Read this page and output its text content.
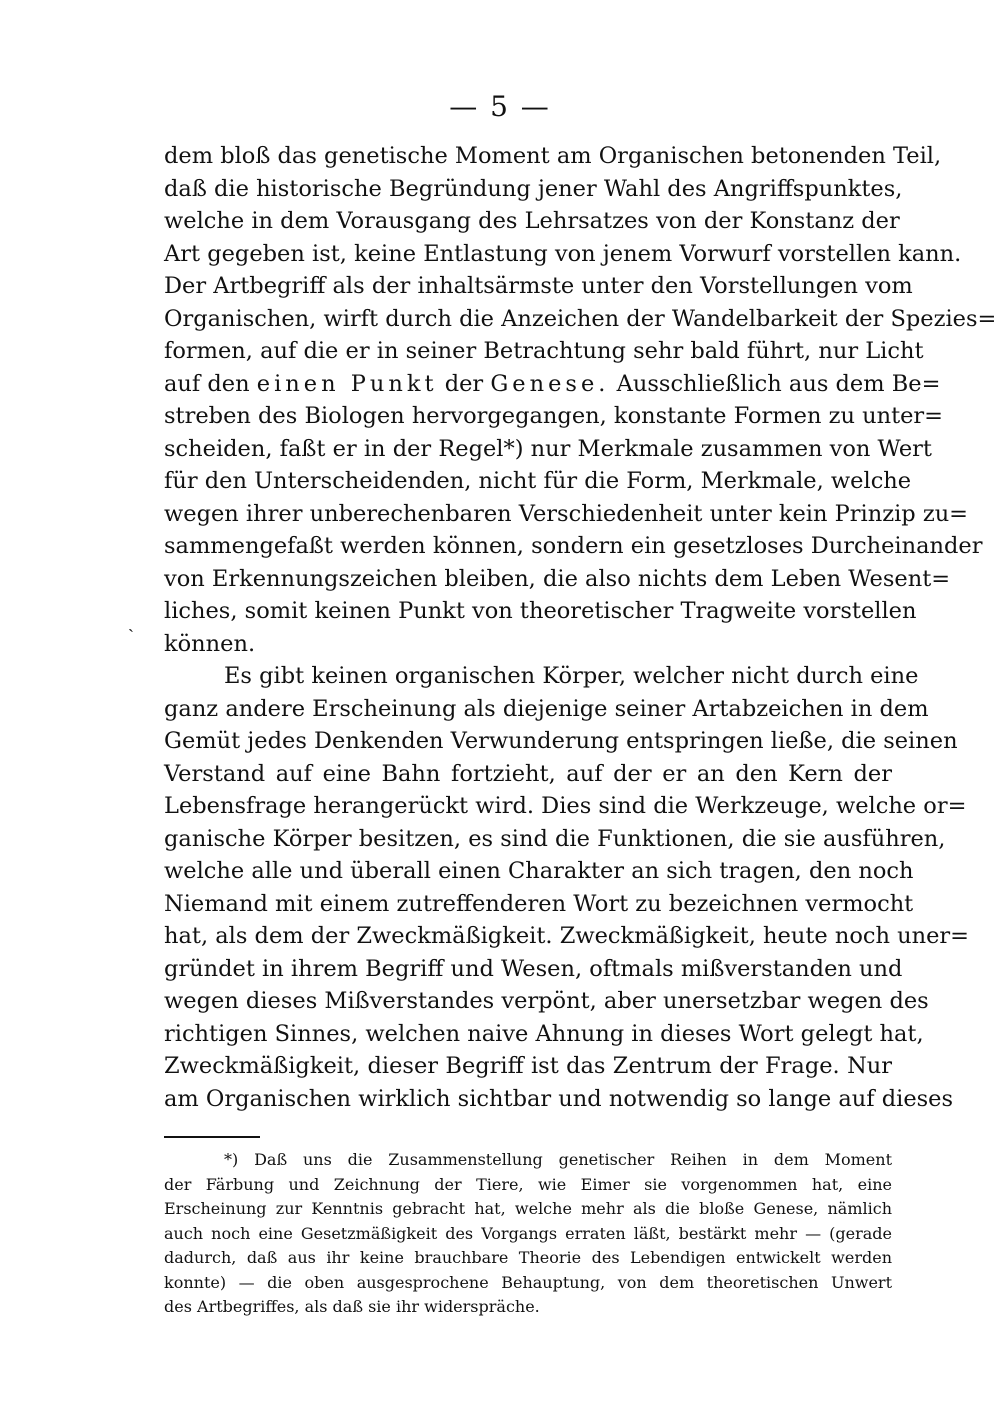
— 5 —
ˎ
dem bloß das genetische Moment am Organischen betonenden Teil,
daß die historische Begründung jener Wahl des Angriffspunktes,
welche in dem Vorausgang des Lehrsatzes von der Konstanz der
Art gegeben ist, keine Entlastung von jenem Vorwurf vorstellen kann.
Der Artbegriff als der inhaltsärmste unter den Vorstellungen vom
Organischen, wirft durch die Anzeichen der Wandelbarkeit der Spezies=
formen, auf die er in seiner Betrachtung sehr bald führt, nur Licht
auf den einen Punkt der Genese. Ausschließlich aus dem Be=
streben des Biologen hervorgegangen, konstante Formen zu unter=
scheiden, faßt er in der Regel*) nur Merkmale zusammen von Wert
für den Unterscheidenden, nicht für die Form, Merkmale, welche
wegen ihrer unberechenbaren Verschiedenheit unter kein Prinzip zu=
sammengefaßt werden können, sondern ein gesetzloses Durcheinander
von Erkennungszeichen bleiben, die also nichts dem Leben Wesent=
liches, somit keinen Punkt von theoretischer Tragweite vorstellen
können.
Es gibt keinen organischen Körper, welcher nicht durch eine
ganz andere Erscheinung als diejenige seiner Artabzeichen in dem
Gemüt jedes Denkenden Verwunderung entspringen ließe, die seinen
Verstand auf eine Bahn fortzieht, auf der er an den Kern der
Lebensfrage herangerückt wird. Dies sind die Werkzeuge, welche or=
ganische Körper besitzen, es sind die Funktionen, die sie ausführen,
welche alle und überall einen Charakter an sich tragen, den noch
Niemand mit einem zutreffenderen Wort zu bezeichnen vermocht
hat, als dem der Zweckmäßigkeit. Zweckmäßigkeit, heute noch uner=
gründet in ihrem Begriff und Wesen, oftmals mißverstanden und
wegen dieses Mißverstandes verpönt, aber unersetzbar wegen des
richtigen Sinnes, welchen naive Ahnung in dieses Wort gelegt hat,
Zweckmäßigkeit, dieser Begriff ist das Zentrum der Frage. Nur
am Organischen wirklich sichtbar und notwendig so lange auf dieses
*) Daß uns die Zusammenstellung genetischer Reihen in dem Moment
der Färbung und Zeichnung der Tiere, wie Eimer sie vorgenommen hat, eine
Erscheinung zur Kenntnis gebracht hat, welche mehr als die bloße Genese, nämlich
auch noch eine Gesetzmäßigkeit des Vorgangs erraten läßt, bestärkt mehr — (gerade
dadurch, daß aus ihr keine brauchbare Theorie des Lebendigen entwickelt werden
konnte) — die oben ausgesprochene Behauptung, von dem theoretischen Unwert
des Artbegriffes, als daß sie ihr widerspräche.
